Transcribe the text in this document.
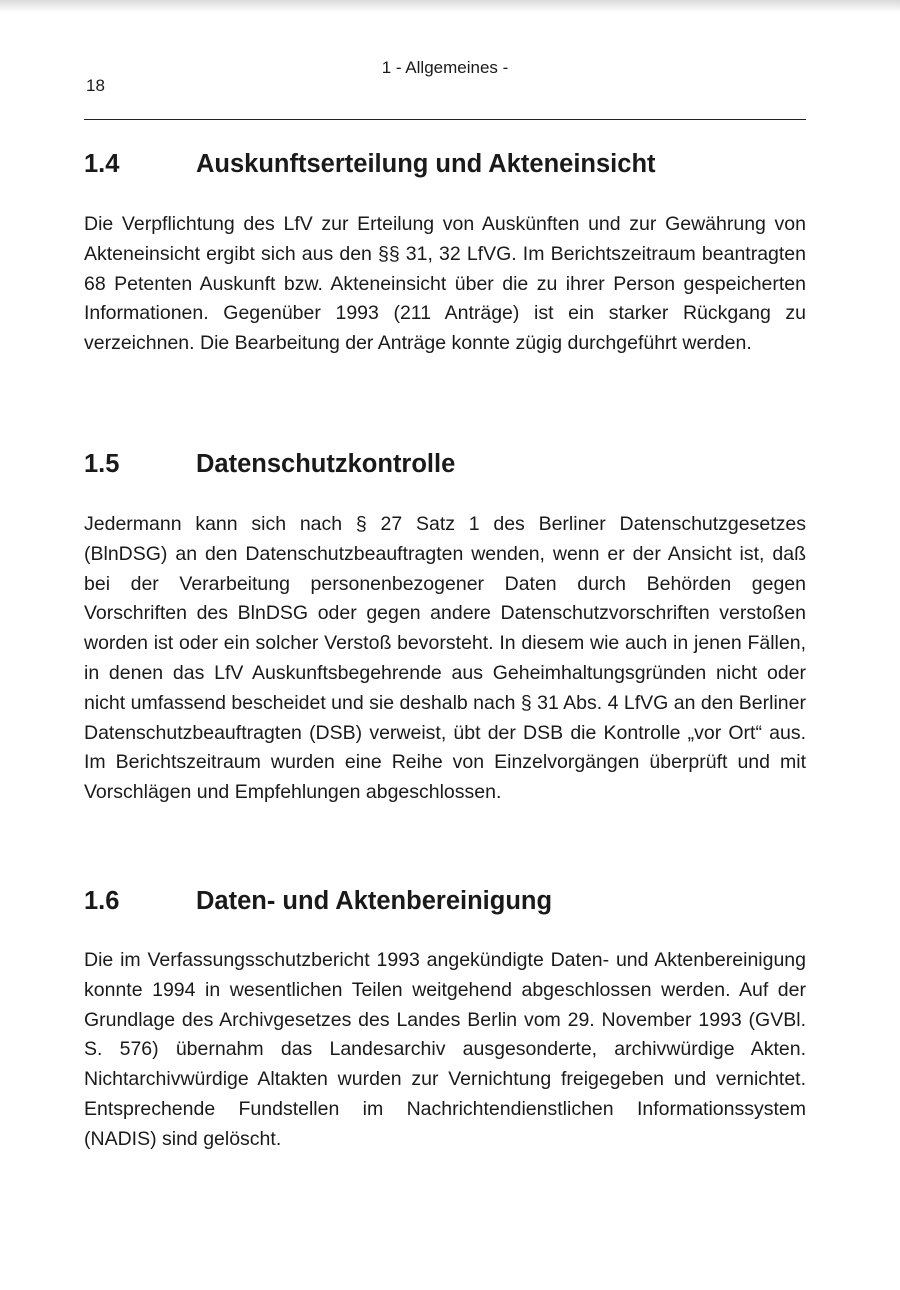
1 - Allgemeines -
18
1.4	Auskunftserteilung und Akteneinsicht

Die Verpflichtung des LfV zur Erteilung von Auskünften und zur Gewährung von Akteneinsicht ergibt sich aus den §§ 31, 32 LfVG. Im Berichtszeitraum beantragten 68 Petenten Auskunft bzw. Akteneinsicht über die zu ihrer Person gespeicherten Informationen. Gegenüber 1993 (211 Anträge) ist ein starker Rückgang zu verzeichnen. Die Bearbeitung der Anträge konnte zügig durchgeführt werden.

1.5	Datenschutzkontrolle

Jedermann kann sich nach § 27 Satz 1 des Berliner Datenschutzgesetzes (BlnDSG) an den Datenschutzbeauftragten wenden, wenn er der Ansicht ist, daß bei der Verarbeitung personenbezogener Daten durch Behörden gegen Vorschriften des BlnDSG oder gegen andere Datenschutzvorschriften verstoßen worden ist oder ein solcher Verstoß bevorsteht. In diesem wie auch in jenen Fällen, in denen das LfV Auskunftsbegehrende aus Geheimhaltungsgründen nicht oder nicht umfassend bescheidet und sie deshalb nach § 31 Abs. 4 LfVG an den Berliner Datenschutzbeauftragten (DSB) verweist, übt der DSB die Kontrolle „vor Ort“ aus. Im Berichtszeitraum wurden eine Reihe von Einzelvorgängen überprüft und mit Vorschlägen und Empfehlungen abgeschlossen.

1.6	Daten- und Aktenbereinigung

Die im Verfassungsschutzbericht 1993 angekündigte Daten- und Aktenbereinigung konnte 1994 in wesentlichen Teilen weitgehend abgeschlossen werden. Auf der Grundlage des Archivgesetzes des Landes Berlin vom 29. November 1993 (GVBl. S. 576) übernahm das Landesarchiv ausgesonderte, archivwürdige Akten. Nichtarchivwürdige Altakten wurden zur Vernichtung freigegeben und vernichtet. Entsprechende Fundstellen im Nachrichtendienstlichen Informationssystem (NADIS) sind gelöscht.
